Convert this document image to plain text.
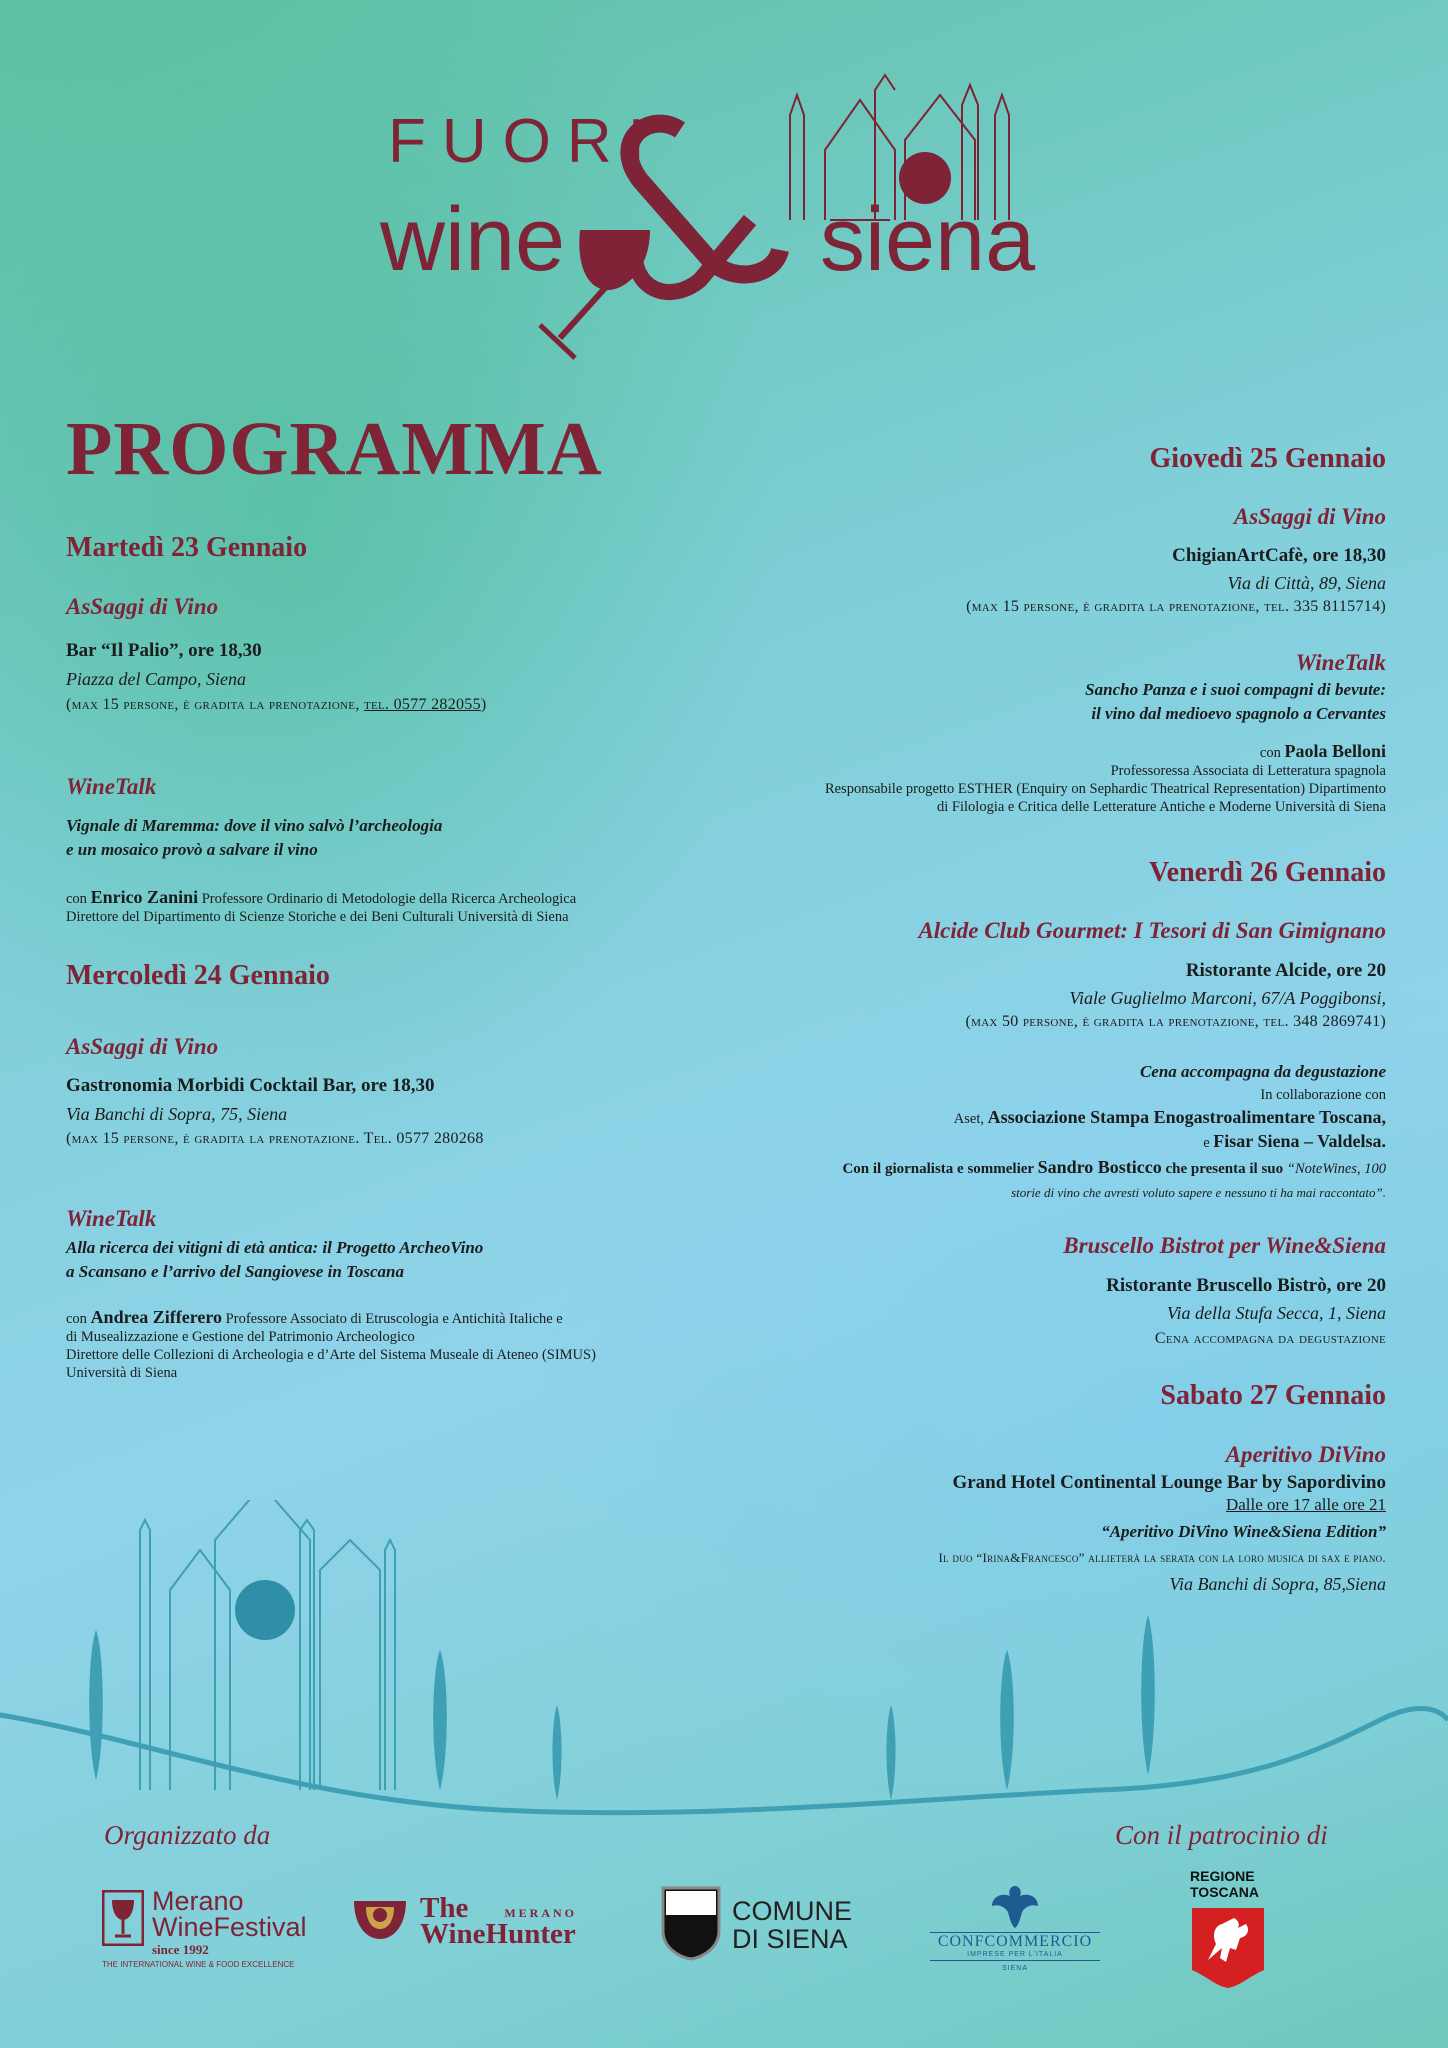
FUORI
wine	siena
PROGRAMMA
Martedì 23 Gennaio
AsSaggi di Vino
Bar “Il Palio”, ore 18,30
Piazza del Campo, Siena
(max 15 persone, è gradita la prenotazione, tel. 0577 282055)
WineTalk
Vignale di Maremma: dove il vino salvò l’archeologia
e un mosaico provò a salvare il vino
con Enrico Zanini Professore Ordinario di Metodologie della Ricerca Archeologica
Direttore del Dipartimento di Scienze Storiche e dei Beni Culturali Università di Siena
Mercoledì 24 Gennaio
AsSaggi di Vino
Gastronomia Morbidi Cocktail Bar, ore 18,30
Via Banchi di Sopra, 75, Siena
(max 15 persone, è gradita la prenotazione. Tel. 0577 280268
WineTalk
Alla ricerca dei vitigni di età antica: il Progetto ArcheoVino
a Scansano e l’arrivo del Sangiovese in Toscana
con Andrea Zifferero Professore Associato di Etruscologia e Antichità Italiche e
di Musealizzazione e Gestione del Patrimonio Archeologico
Direttore delle Collezioni di Archeologia e d’Arte del Sistema Museale di Ateneo (SIMUS)
Università di Siena
Giovedì 25 Gennaio
AsSaggi di Vino
ChigianArtCafè, ore 18,30
Via di Città, 89, Siena
(max 15 persone, è gradita la prenotazione, tel. 335 8115714)
WineTalk
Sancho Panza e i suoi compagni di bevute:
il vino dal medioevo spagnolo a Cervantes
con Paola Belloni
Professoressa Associata di Letteratura spagnola
Responsabile progetto ESTHER (Enquiry on Sephardic Theatrical Representation) Dipartimento
di Filologia e Critica delle Letterature Antiche e Moderne Università di Siena
Venerdì 26 Gennaio
Alcide Club Gourmet: I Tesori di San Gimignano
Ristorante Alcide, ore 20
Viale Guglielmo Marconi, 67/A Poggibonsi,
(max 50 persone, è gradita la prenotazione, tel. 348 2869741)
Cena accompagna da degustazione
In collaborazione con
Aset, Associazione Stampa Enogastroalimentare Toscana,
e Fisar Siena – Valdelsa.
Con il giornalista e sommelier Sandro Bosticco che presenta il suo “NoteWines, 100
storie di vino che avresti voluto sapere e nessuno ti ha mai raccontato”.
Bruscello Bistrot per Wine&Siena
Ristorante Bruscello Bistrò, ore 20
Via della Stufa Secca, 1, Siena
Cena accompagna da degustazione
Sabato 27 Gennaio
Aperitivo DiVino
Grand Hotel Continental Lounge Bar by Sapordivino
Dalle ore 17 alle ore 21
“Aperitivo DiVino Wine&Siena Edition”
Il duo “Irina&Francesco” allieterà la serata con la loro musica di sax e piano.
Via Banchi di Sopra, 85,Siena
Organizzato da	Con il patrocinio di
Merano
WineFestival
since 1992
THE INTERNATIONAL WINE & FOOD EXCELLENCE
The	MERANO
WineHunter
COMUNE
DI SIENA	CONFCOMMERCIO
IMPRESE PER L’ITALIA
SIENA
REGIONE
TOSCANA
